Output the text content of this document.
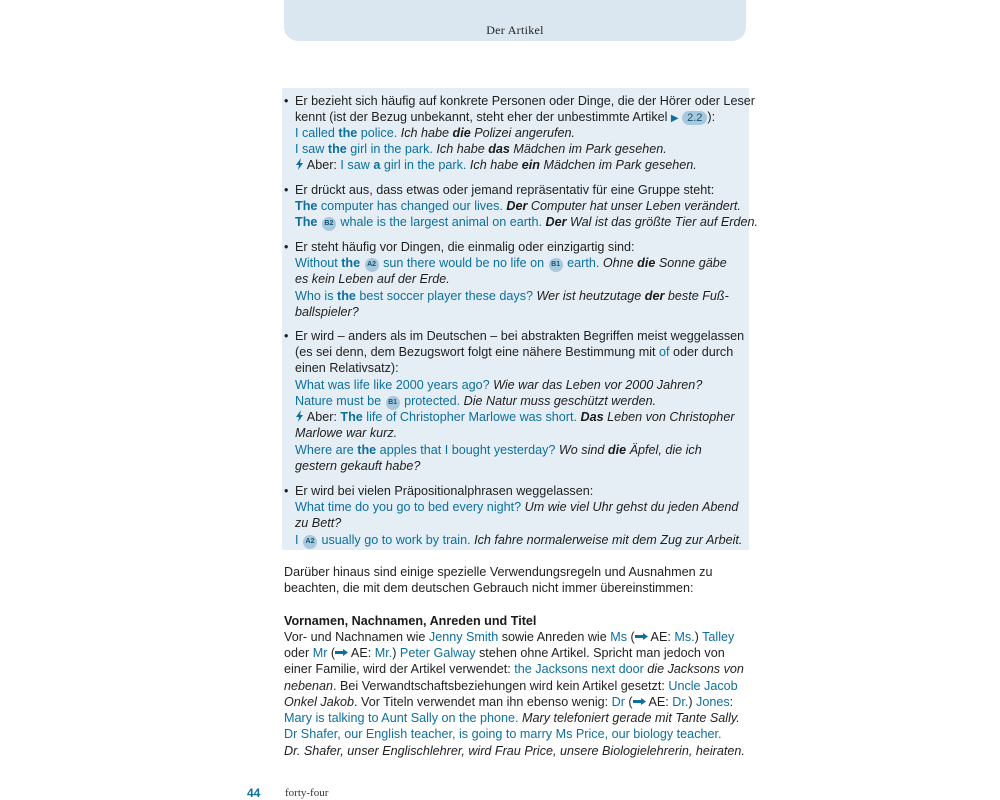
Der Artikel
• Er bezieht sich häufig auf konkrete Personen oder Dinge, die der Hörer oder Leser
kennt (ist der Bezug unbekannt, steht eher der unbestimmte Artikel ▶ 2.2 ):
I called the police. Ich habe die Polizei angerufen.
I saw the girl in the park. Ich habe das Mädchen im Park gesehen.
Aber: I saw a girl in the park. Ich habe ein Mädchen im Park gesehen.
• Er drückt aus, dass etwas oder jemand repräsentativ für eine Gruppe steht:
The computer has changed our lives. Der Computer hat unser Leben verändert.
The B2 whale is the largest animal on earth. Der Wal ist das größte Tier auf Erden.
• Er steht häufig vor Dingen, die einmalig oder einzigartig sind:
Without the A2 sun there would be no life on B1 earth. Ohne die Sonne gäbe
es kein Leben auf der Erde.
Who is the best soccer player these days? Wer ist heutzutage der beste Fuß-
ballspieler?
• Er wird – anders als im Deutschen – bei abstrakten Begriffen meist weggelassen
(es sei denn, dem Bezugswort folgt eine nähere Bestimmung mit of oder durch
einen Relativsatz):
What was life like 2000 years ago? Wie war das Leben vor 2000 Jahren?
Nature must be B1 protected. Die Natur muss geschützt werden.
Aber: The life of Christopher Marlowe was short. Das Leben von Christopher
Marlowe war kurz.
Where are the apples that I bought yesterday? Wo sind die Äpfel, die ich
gestern gekauft habe?
• Er wird bei vielen Präpositionalphrasen weggelassen:
What time do you go to bed every night? Um wie viel Uhr gehst du jeden Abend
zu Bett?
I A2 usually go to work by train. Ich fahre normalerweise mit dem Zug zur Arbeit.
Darüber hinaus sind einige spezielle Verwendungsregeln und Ausnahmen zu
beachten, die mit dem deutschen Gebrauch nicht immer übereinstimmen:
Vornamen, Nachnamen, Anreden und Titel
Vor- und Nachnamen wie Jenny Smith sowie Anreden wie Ms ( AE: Ms.) Talley
oder Mr ( AE: Mr.) Peter Galway stehen ohne Artikel. Spricht man jedoch von
einer Familie, wird der Artikel verwendet: the Jacksons next door die Jacksons von
nebenan. Bei Verwandtschaftsbeziehungen wird kein Artikel gesetzt: Uncle Jacob
Onkel Jakob. Vor Titeln verwendet man ihn ebenso wenig: Dr ( AE: Dr.) Jones:
Mary is talking to Aunt Sally on the phone. Mary telefoniert gerade mit Tante Sally.
Dr Shafer, our English teacher, is going to marry Ms Price, our biology teacher.
Dr. Shafer, unser Englischlehrer, wird Frau Price, unsere Biologielehrerin, heiraten.
44 forty-four
